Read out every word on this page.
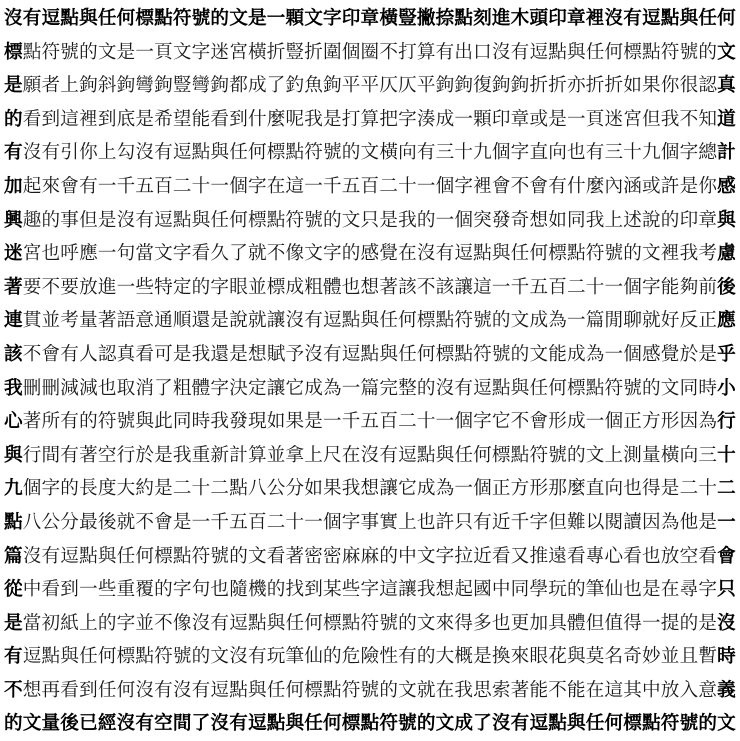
沒 有 逗 點 與 任 何 標 點 符 號 的 文 是 一 顆 文 字 印 章 橫 豎 撇 捺 點 刻 進 木 頭 印 章 裡 沒 有 逗 點 與 任 何
標 點 符 號 的 文 是 一 頁 文 字 迷 宮 橫 折 豎 折 圍 個 圈 不 打 算 有 出 口 沒 有 逗 點 與 任 何 標 點 符 號 的 文
是 願 者 上 鉤 斜 鉤 彎 鉤 豎 彎 鉤 都 成 了 釣 魚 鉤 平 平 仄 仄 平 鉤 鉤 復 鉤 鉤 折 折 亦 折 折 如 果 你 很 認 真
的 看 到 這 裡 到 底 是 希 望 能 看 到 什 麼 呢 我 是 打 算 把 字 湊 成 一 顆 印 章 或 是 一 頁 迷 宮 但 我 不 知 道
有 沒 有 引 你 上 勾 沒 有 逗 點 與 任 何 標 點 符 號 的 文 橫 向 有 三 十 九 個 字 直 向 也 有 三 十 九 個 字 總 計
加 起 來 會 有 一 千 五 百 二 十 一 個 字 在 這 一 千 五 百 二 十 一 個 字 裡 會 不 會 有 什 麼 內 涵 或 許 是 你 感
興 趣 的 事 但 是 沒 有 逗 點 與 任 何 標 點 符 號 的 文 只 是 我 的 一 個 突 發 奇 想 如 同 我 上 述 說 的 印 章 與
迷 宮 也 呼 應 一 句 當 文 字 看 久 了 就 不 像 文 字 的 感 覺 在 沒 有 逗 點 與 任 何 標 點 符 號 的 文 裡 我 考 慮
著 要 不 要 放 進 一 些 特 定 的 字 眼 並 標 成 粗 體 也 想 著 該 不 該 讓 這 一 千 五 百 二 十 一 個 字 能 夠 前 後
連 貫 並 考 量 著 語 意 通 順 還 是 說 就 讓 沒 有 逗 點 與 任 何 標 點 符 號 的 文 成 為 一 篇 閒 聊 就 好 反 正 應
該 不 會 有 人 認 真 看 可 是 我 還 是 想 賦 予 沒 有 逗 點 與 任 何 標 點 符 號 的 文 能 成 為 一 個 感 覺 於 是 乎
我 刪 刪 減 減 也 取 消 了 粗 體 字 決 定 讓 它 成 為 一 篇 完 整 的 沒 有 逗 點 與 任 何 標 點 符 號 的 文 同 時 小
心 著 所 有 的 符 號 與 此 同 時 我 發 現 如 果 是 一 千 五 百 二 十 一 個 字 它 不 會 形 成 一 個 正 方 形 因 為 行
與 行 間 有 著 空 行 於 是 我 重 新 計 算 並 拿 上 尺 在 沒 有 逗 點 與 任 何 標 點 符 號 的 文 上 測 量 橫 向 三 十
九 個 字 的 長 度 大 約 是 二 十 二 點 八 公 分 如 果 我 想 讓 它 成 為 一 個 正 方 形 那 麼 直 向 也 得 是 二 十 二
點 八 公 分 最 後 就 不 會 是 一 千 五 百 二 十 一 個 字 事 實 上 也 許 只 有 近 千 字 但 難 以 閱 讀 因 為 他 是 一
篇 沒 有 逗 點 與 任 何 標 點 符 號 的 文 看 著 密 密 麻 麻 的 中 文 字 拉 近 看 又 推 遠 看 專 心 看 也 放 空 看 會
從 中 看 到 一 些 重 覆 的 字 句 也 隨 機 的 找 到 某 些 字 這 讓 我 想 起 國 中 同 學 玩 的 筆 仙 也 是 在 尋 字 只
是 當 初 紙 上 的 字 並 不 像 沒 有 逗 點 與 任 何 標 點 符 號 的 文 來 得 多 也 更 加 具 體 但 值 得 一 提 的 是 沒
有 逗 點 與 任 何 標 點 符 號 的 文 沒 有 玩 筆 仙 的 危 險 性 有 的 大 概 是 換 來 眼 花 與 莫 名 奇 妙 並 且 暫 時
不 想 再 看 到 任 何 沒 有 沒 有 逗 點 與 任 何 標 點 符 號 的 文 就 在 我 思 索 著 能 不 能 在 這 其 中 放 入 意 義
的 文 量 後 已 經 沒 有 空 間 了 沒 有 逗 點 與 任 何 標 點 符 號 的 文 成 了 沒 有 逗 點 與 任 何 標 點 符 號 的 文
